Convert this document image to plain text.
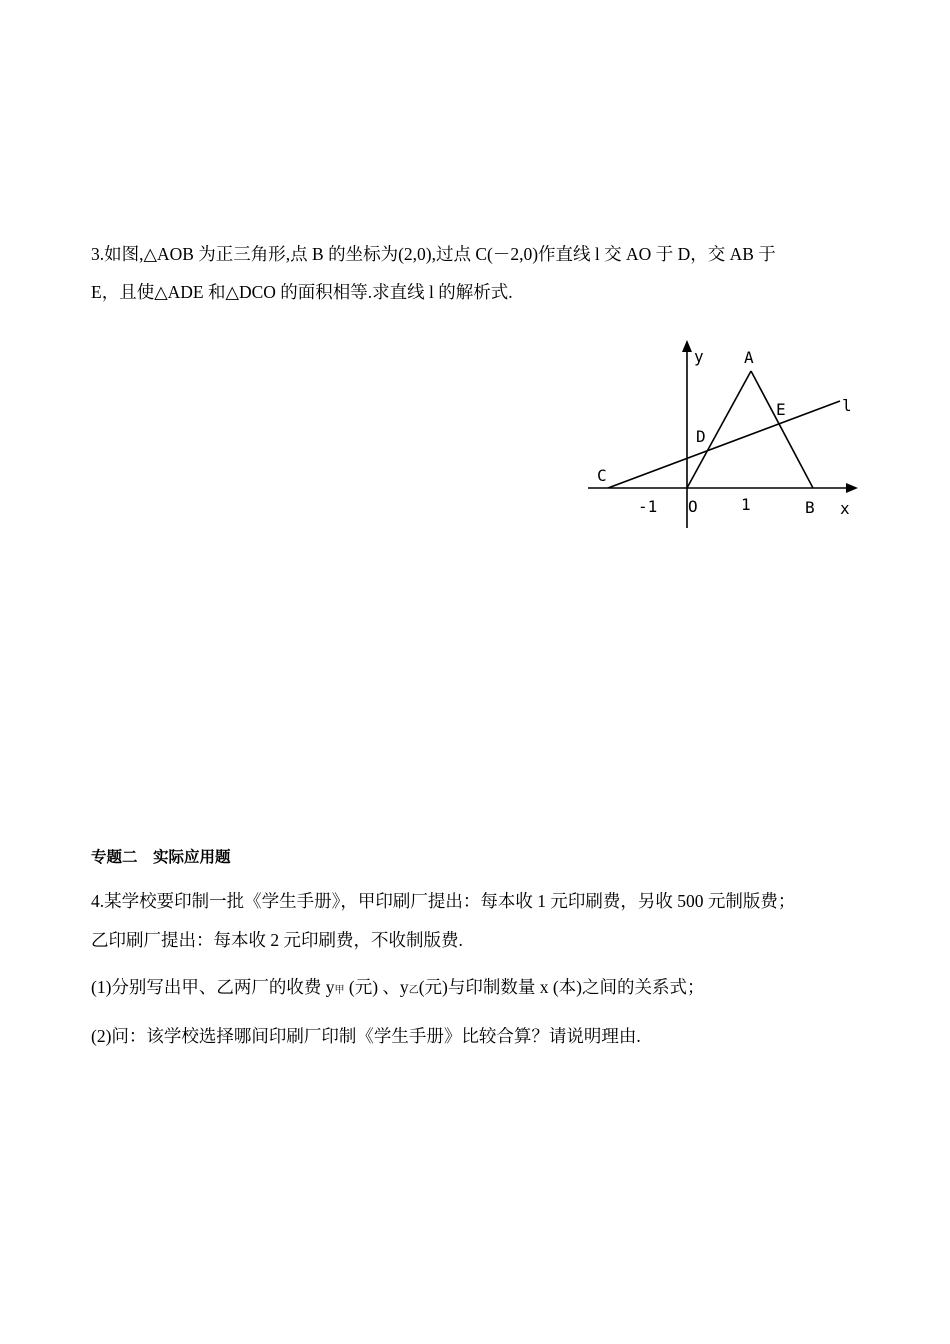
3.如图,△AOB 为正三角形,点 B 的坐标为(2,0),过点 C(－2,0)作直线 l 交 AO 于 D，交 AB 于
E，且使△ADE 和△DCO 的面积相等.求直线 l 的解析式.
y	A
l
E
D
C
-1 O	1	B x
专题二　实际应用题
4.某学校要印制一批《学生手册》，甲印刷厂提出：每本收 1 元印刷费，另收 500 元制版费；
乙印刷厂提出：每本收 2 元印刷费，不收制版费.
(1)分别写出甲、乙两厂的收费 y甲 (元) 、y乙(元)与印制数量 x (本)之间的关系式；
(2)问：该学校选择哪间印刷厂印制《学生手册》比较合算？请说明理由.
